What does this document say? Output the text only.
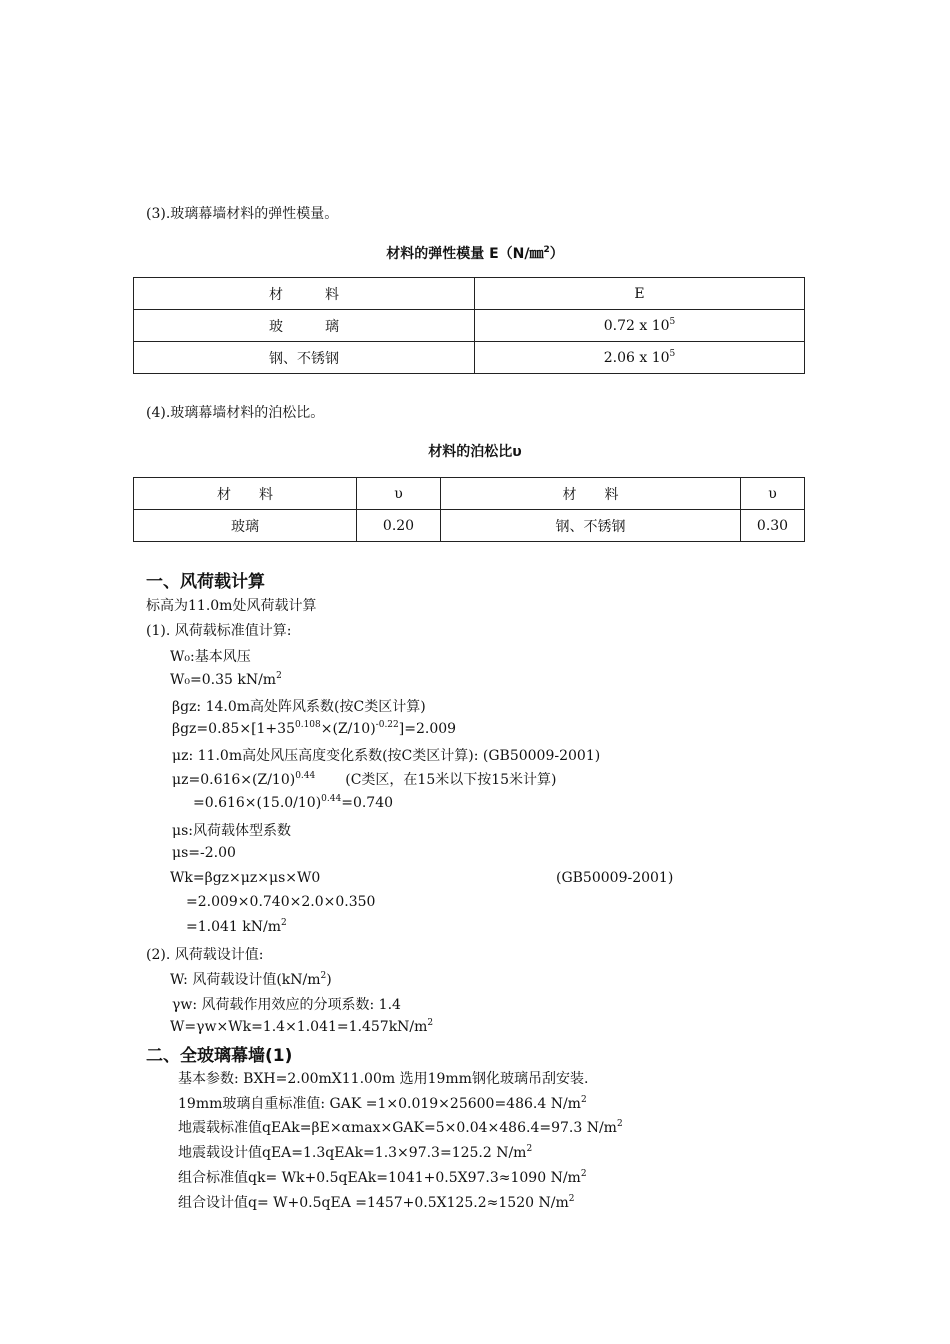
(3).玻璃幕墙材料的弹性模量。
材料的弹性模量 E（N/㎜$^2$）
材　　　料	E
玻　　　璃	0.72 x $10^5$
钢、不锈钢	2.06 x $10^5$
(4).玻璃幕墙材料的泊松比。
材料的泊松比υ
材　　料	υ	材　　料	υ
玻璃	0.20	钢、不锈钢	0.30
一、风荷载计算
标高为11.0m处风荷载计算
(1). 风荷载标准值计算:
W₀:基本风压
W₀=0.35 $kN/m^2$
βgz: 14.0m高处阵风系数(按C类区计算)
$\beta gz=0.85\times[1+35^{0.108}\times(Z/10)^{-0.22}]=2.009$
μz: 11.0m高处风压高度变化系数(按C类区计算): (GB50009-2001)
$\mu z=0.616\times(Z/10)^{0.44}$ (C类区，在15米以下按15米计算)
$=0.616\times(15.0/10)^{0.44}=0.740$
μs:风荷载体型系数
μs=-2.00
Wk=βgz×μz×μs×W0	(GB50009-2001)
=2.009×0.740×2.0×0.350
=1.041 $kN/m^2$
(2). 风荷载设计值:
W: 风荷载设计值$(kN/m^2)$
γw: 风荷载作用效应的分项系数: 1.4
$W=\gamma w\times Wk=1.4\times 1.041=1.457kN/m^2$
二、全玻璃幕墙(1)
基本参数: BXH=2.00mX11.00m 选用19mm钢化玻璃吊刮安装.
19mm玻璃自重标准值: GAK =1×0.019×25600=486.4 $N/m^2$
地震载标准值qEAk=βE×αmax×GAK=5×0.04×486.4=97.3 $N/m^2$
地震载设计值qEA=1.3qEAk=1.3×97.3=125.2 $N/m^2$
组合标准值qk= Wk+0.5qEAk=1041+0.5X97.3≈1090 $N/m^2$
组合设计值q= W+0.5qEA =1457+0.5X125.2≈1520 $N/m^2$
